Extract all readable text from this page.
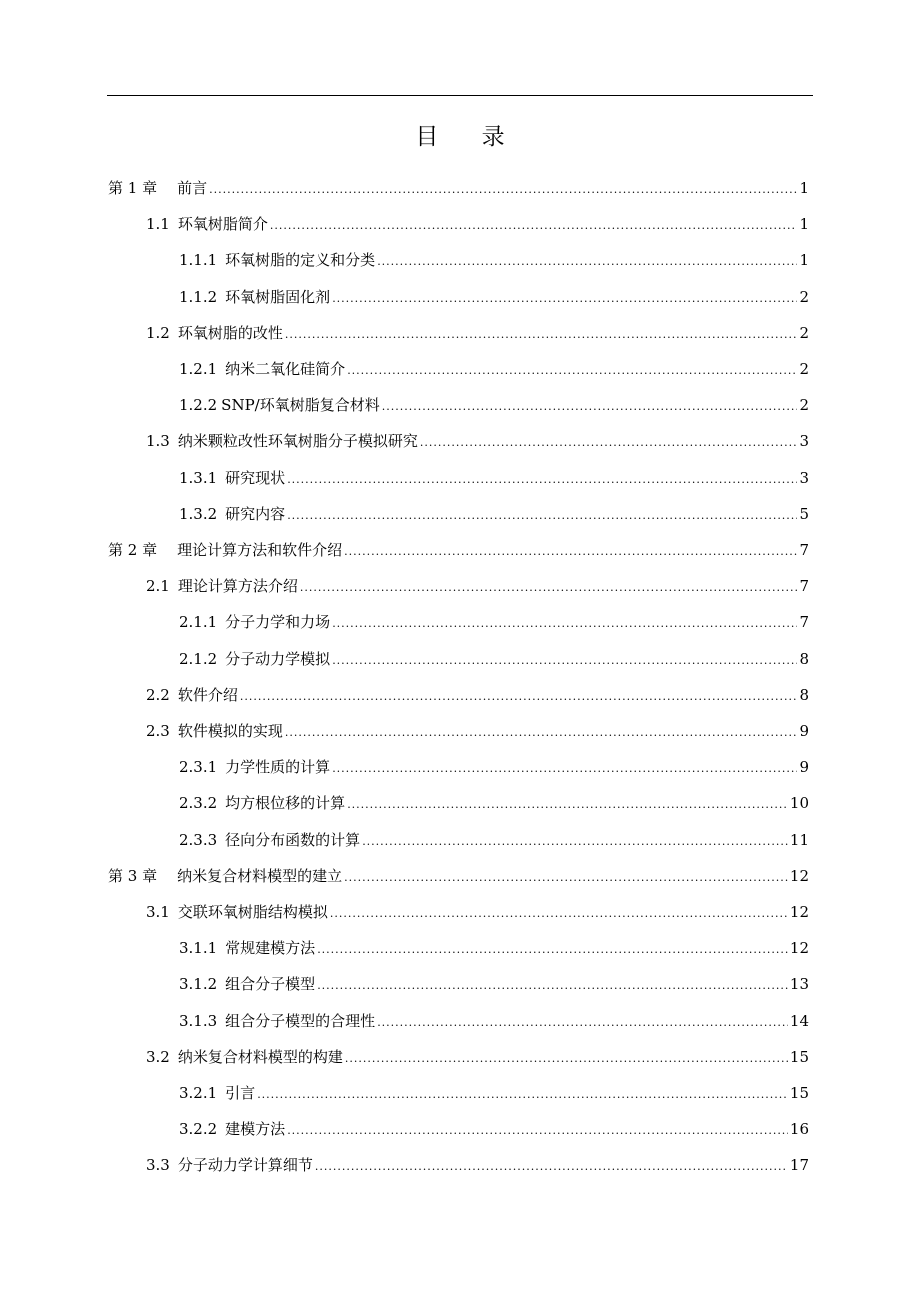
目 录
第 1 章 前言 .....	1
1.1 环氧树脂简介 .....	1
1.1.1 环氧树脂的定义和分类 .....	1
1.1.2 环氧树脂固化剂 .....	2
1.2 环氧树脂的改性 .....	2
1.2.1 纳米二氧化硅简介 .....	2
1.2.2 SNP/环氧树脂复合材料 .....	2
1.3 纳米颗粒改性环氧树脂分子模拟研究 .....	3
1.3.1 研究现状 .....	3
1.3.2 研究内容 .....	5
第 2 章 理论计算方法和软件介绍 .....	7
2.1 理论计算方法介绍 .....	7
2.1.1 分子力学和力场 .....	7
2.1.2 分子动力学模拟 .....	8
2.2 软件介绍 .....	8
2.3 软件模拟的实现 .....	9
2.3.1 力学性质的计算 .....	9
2.3.2 均方根位移的计算 .....	10
2.3.3 径向分布函数的计算 .....	11
第 3 章 纳米复合材料模型的建立 .....	12
3.1 交联环氧树脂结构模拟 .....	12
3.1.1 常规建模方法 .....	12
3.1.2 组合分子模型 .....	13
3.1.3 组合分子模型的合理性 .....	14
3.2 纳米复合材料模型的构建 .....	15
3.2.1 引言 .....	15
3.2.2 建模方法 .....	16
3.3 分子动力学计算细节 .....	17
